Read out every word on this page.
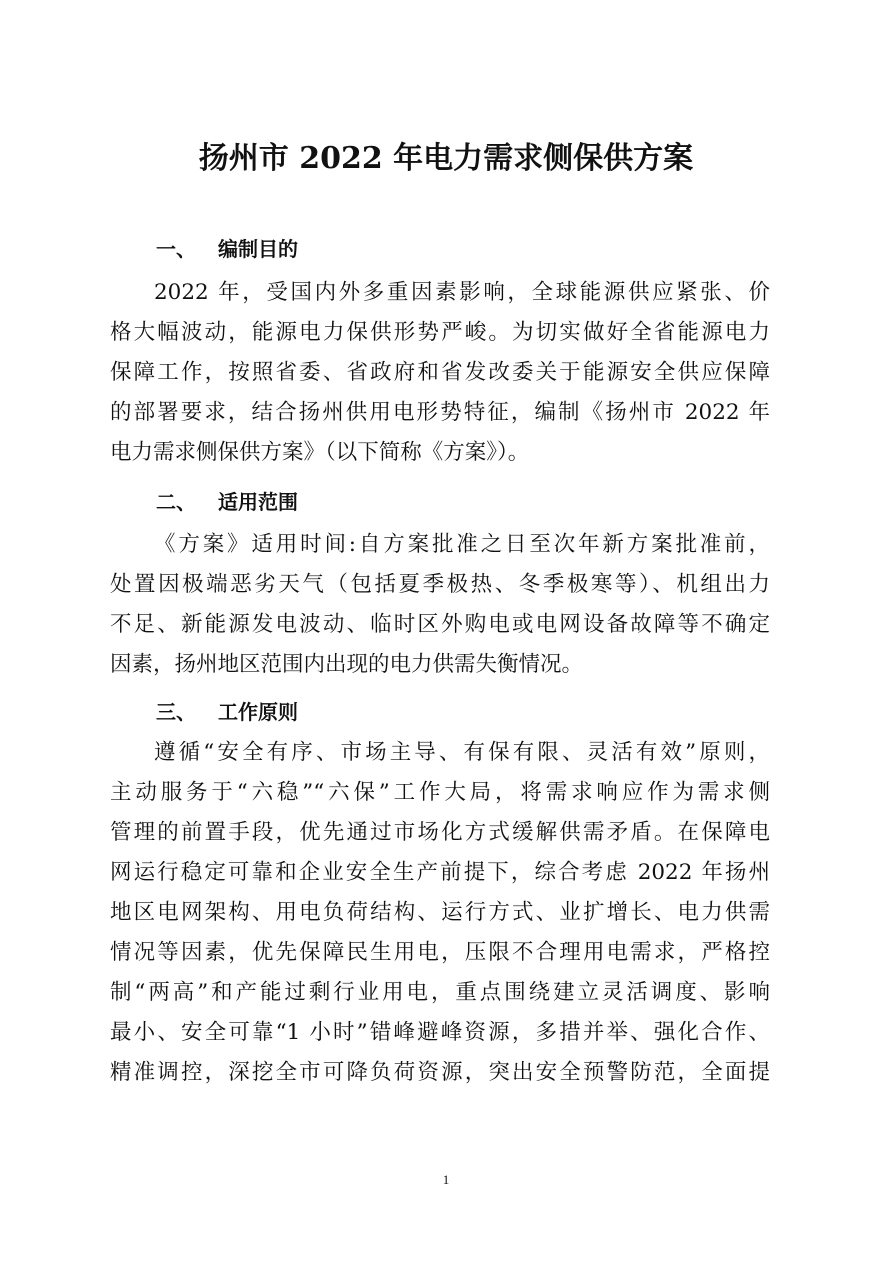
扬州市 2022 年电力需求侧保供方案
一、 编制目的
2022 年，受国内外多重因素影响，全球能源供应紧张、价
格大幅波动，能源电力保供形势严峻。为切实做好全省能源电力
保障工作，按照省委、省政府和省发改委关于能源安全供应保障
的部署要求，结合扬州供用电形势特征，编制《扬州市 2022 年
电力需求侧保供方案》（以下简称《方案》）。
二、 适用范围
《方案》适用时间:自方案批准之日至次年新方案批准前，
处置因极端恶劣天气（包括夏季极热、冬季极寒等）、机组出力
不足、新能源发电波动、临时区外购电或电网设备故障等不确定
因素，扬州地区范围内出现的电力供需失衡情况。
三、 工作原则
遵循“安全有序、市场主导、有保有限、灵活有效”原则，
主动服务于“六稳”“六保”工作大局，将需求响应作为需求侧
管理的前置手段，优先通过市场化方式缓解供需矛盾。在保障电
网运行稳定可靠和企业安全生产前提下，综合考虑 2022 年扬州
地区电网架构、用电负荷结构、运行方式、业扩增长、电力供需
情况等因素，优先保障民生用电，压限不合理用电需求，严格控
制“两高”和产能过剩行业用电，重点围绕建立灵活调度、影响
最小、安全可靠“1 小时”错峰避峰资源，多措并举、强化合作、
精准调控，深挖全市可降负荷资源，突出安全预警防范，全面提
1
